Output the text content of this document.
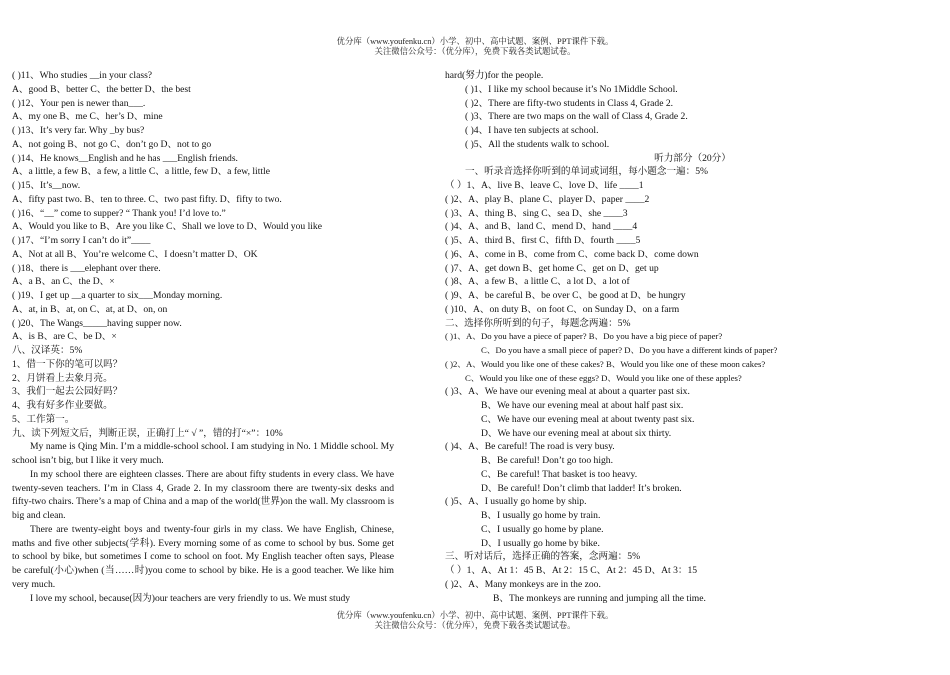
优分库（www.youfenku.cn）小学、初中、高中试题、案例、PPT课件下载。
关注微信公众号：（优分库），免费下载各类试题试卷。
( )11、Who studies __in your class?
A、good B、better C、the better D、the best
( )12、Your pen is newer than___.
A、my one B、me C、her’s D、mine
( )13、It’s very far. Why _by bus?
A、not going B、not go C、don’t go D、not to go
( )14、He knows__English and he has ___English friends.
A、a little, a few B、a few, a little C、a little, few D、a few, little
( )15、It’s__now.
A、fifty past two. B、ten to three. C、two past fifty. D、fifty to two.
( )16、“__” come to supper? “ Thank you! I’d love to.”
A、Would you like to B、Are you like C、Shall we love to D、Would you like
( )17、“I’m sorry I can’t do it”____
A、Not at all B、You’re welcome C、I doesn’t matter D、OK
( )18、there is ___elephant over there.
A、a B、an C、the D、×
( )19、I get up __a quarter to six___Monday morning.
A、at, in B、at, on C、at, at D、on, on
( )20、The Wangs_____having supper now.
A、is B、are C、be D、×
八、汉译英：5%
1、借一下你的笔可以吗？
2、月饼看上去象月亮。
3、我们一起去公园好吗？
4、我有好多作业要做。
5、工作第一。
九、读下列短文后，判断正误，正确打上“ √ ”，错的打“×”：10%
My name is Qing Min. I’m a middle-school school. I am studying in No. 1 Middle school. My school isn’t big, but I like it very much.
In my school there are eighteen classes. There are about fifty students in every class. We have twenty-seven teachers. I’m in Class 4, Grade 2. In my classroom there are twenty-six desks and fifty-two chairs. There’s a map of China and a map of the world(世界)on the wall. My classroom is big and clean.
There are twenty-eight boys and twenty-four girls in my class. We have English, Chinese, maths and five other subjects(学科). Every morning some of as come to school by bus. Some get to school by bike, but sometimes I come to school on foot. My English teacher often says, Please be careful(小心)when (当……时)you come to school by bike. He is a good teacher. We like him very much.
I love my school, because(因为)our teachers are very friendly to us. We must study
hard(努力)for the people.
( )1、I like my school because it’s No 1Middle School.
( )2、There are fifty-two students in Class 4, Grade 2.
( )3、There are two maps on the wall of Class 4, Grade 2.
( )4、I have ten subjects at school.
( )5、All the students walk to school.
听力部分（20分）
一、听录音选择你听到的单词或词组，每小题念一遍：5%
（ ）1、A、live B、leave C、love D、life ____1
( )2、A、play B、plane C、player D、paper ____2
( )3、A、thing B、sing C、sea D、she ____3
( )4、A、and B、land C、mend D、hand ____4
( )5、A、third B、first C、fifth D、fourth ____5
( )6、A、come in B、come from C、come back D、come down
( )7、A、get down B、get home C、get on D、get up
( )8、A、a few B、a little C、a lot D、a lot of
( )9、A、be careful B、be over C、be good at D、be hungry
( )10、A、on duty B、on foot C、on Sunday D、on a farm
二、选择你所听到的句子，每题念两遍：5%
( )1、A、Do you have a piece of paper? B、Do you have a big piece of paper?
C、Do you have a small piece of paper? D、Do you have a different kinds of paper?
( )2、A、Would you like one of these cakes? B、Would you like one of these moon cakes?
C、Would you like one of these eggs? D、Would you like one of these apples?
( )3、A、We have our evening meal at about a quarter past six.
B、We have our evening meal at about half past six.
C、We have our evening meal at about twenty past six.
D、We have our evening meal at about six thirty.
( )4、A、Be careful! The road is very busy.
B、Be careful! Don’t go too high.
C、Be careful! That basket is too heavy.
D、Be careful! Don’t climb that ladder! It’s broken.
( )5、A、I usually go home by ship.
B、I usually go home by train.
C、I usually go home by plane.
D、I usually go home by bike.
三、听对话后，选择正确的答案，念两遍：5%
（ ）1、A、At 1：45 B、At 2：15 C、At 2：45 D、At 3：15
( )2、A、Many monkeys are in the zoo.
B、The monkeys are running and jumping all the time.
优分库（www.youfenku.cn）小学、初中、高中试题、案例、PPT课件下载。
关注微信公众号：（优分库），免费下载各类试题试卷。
